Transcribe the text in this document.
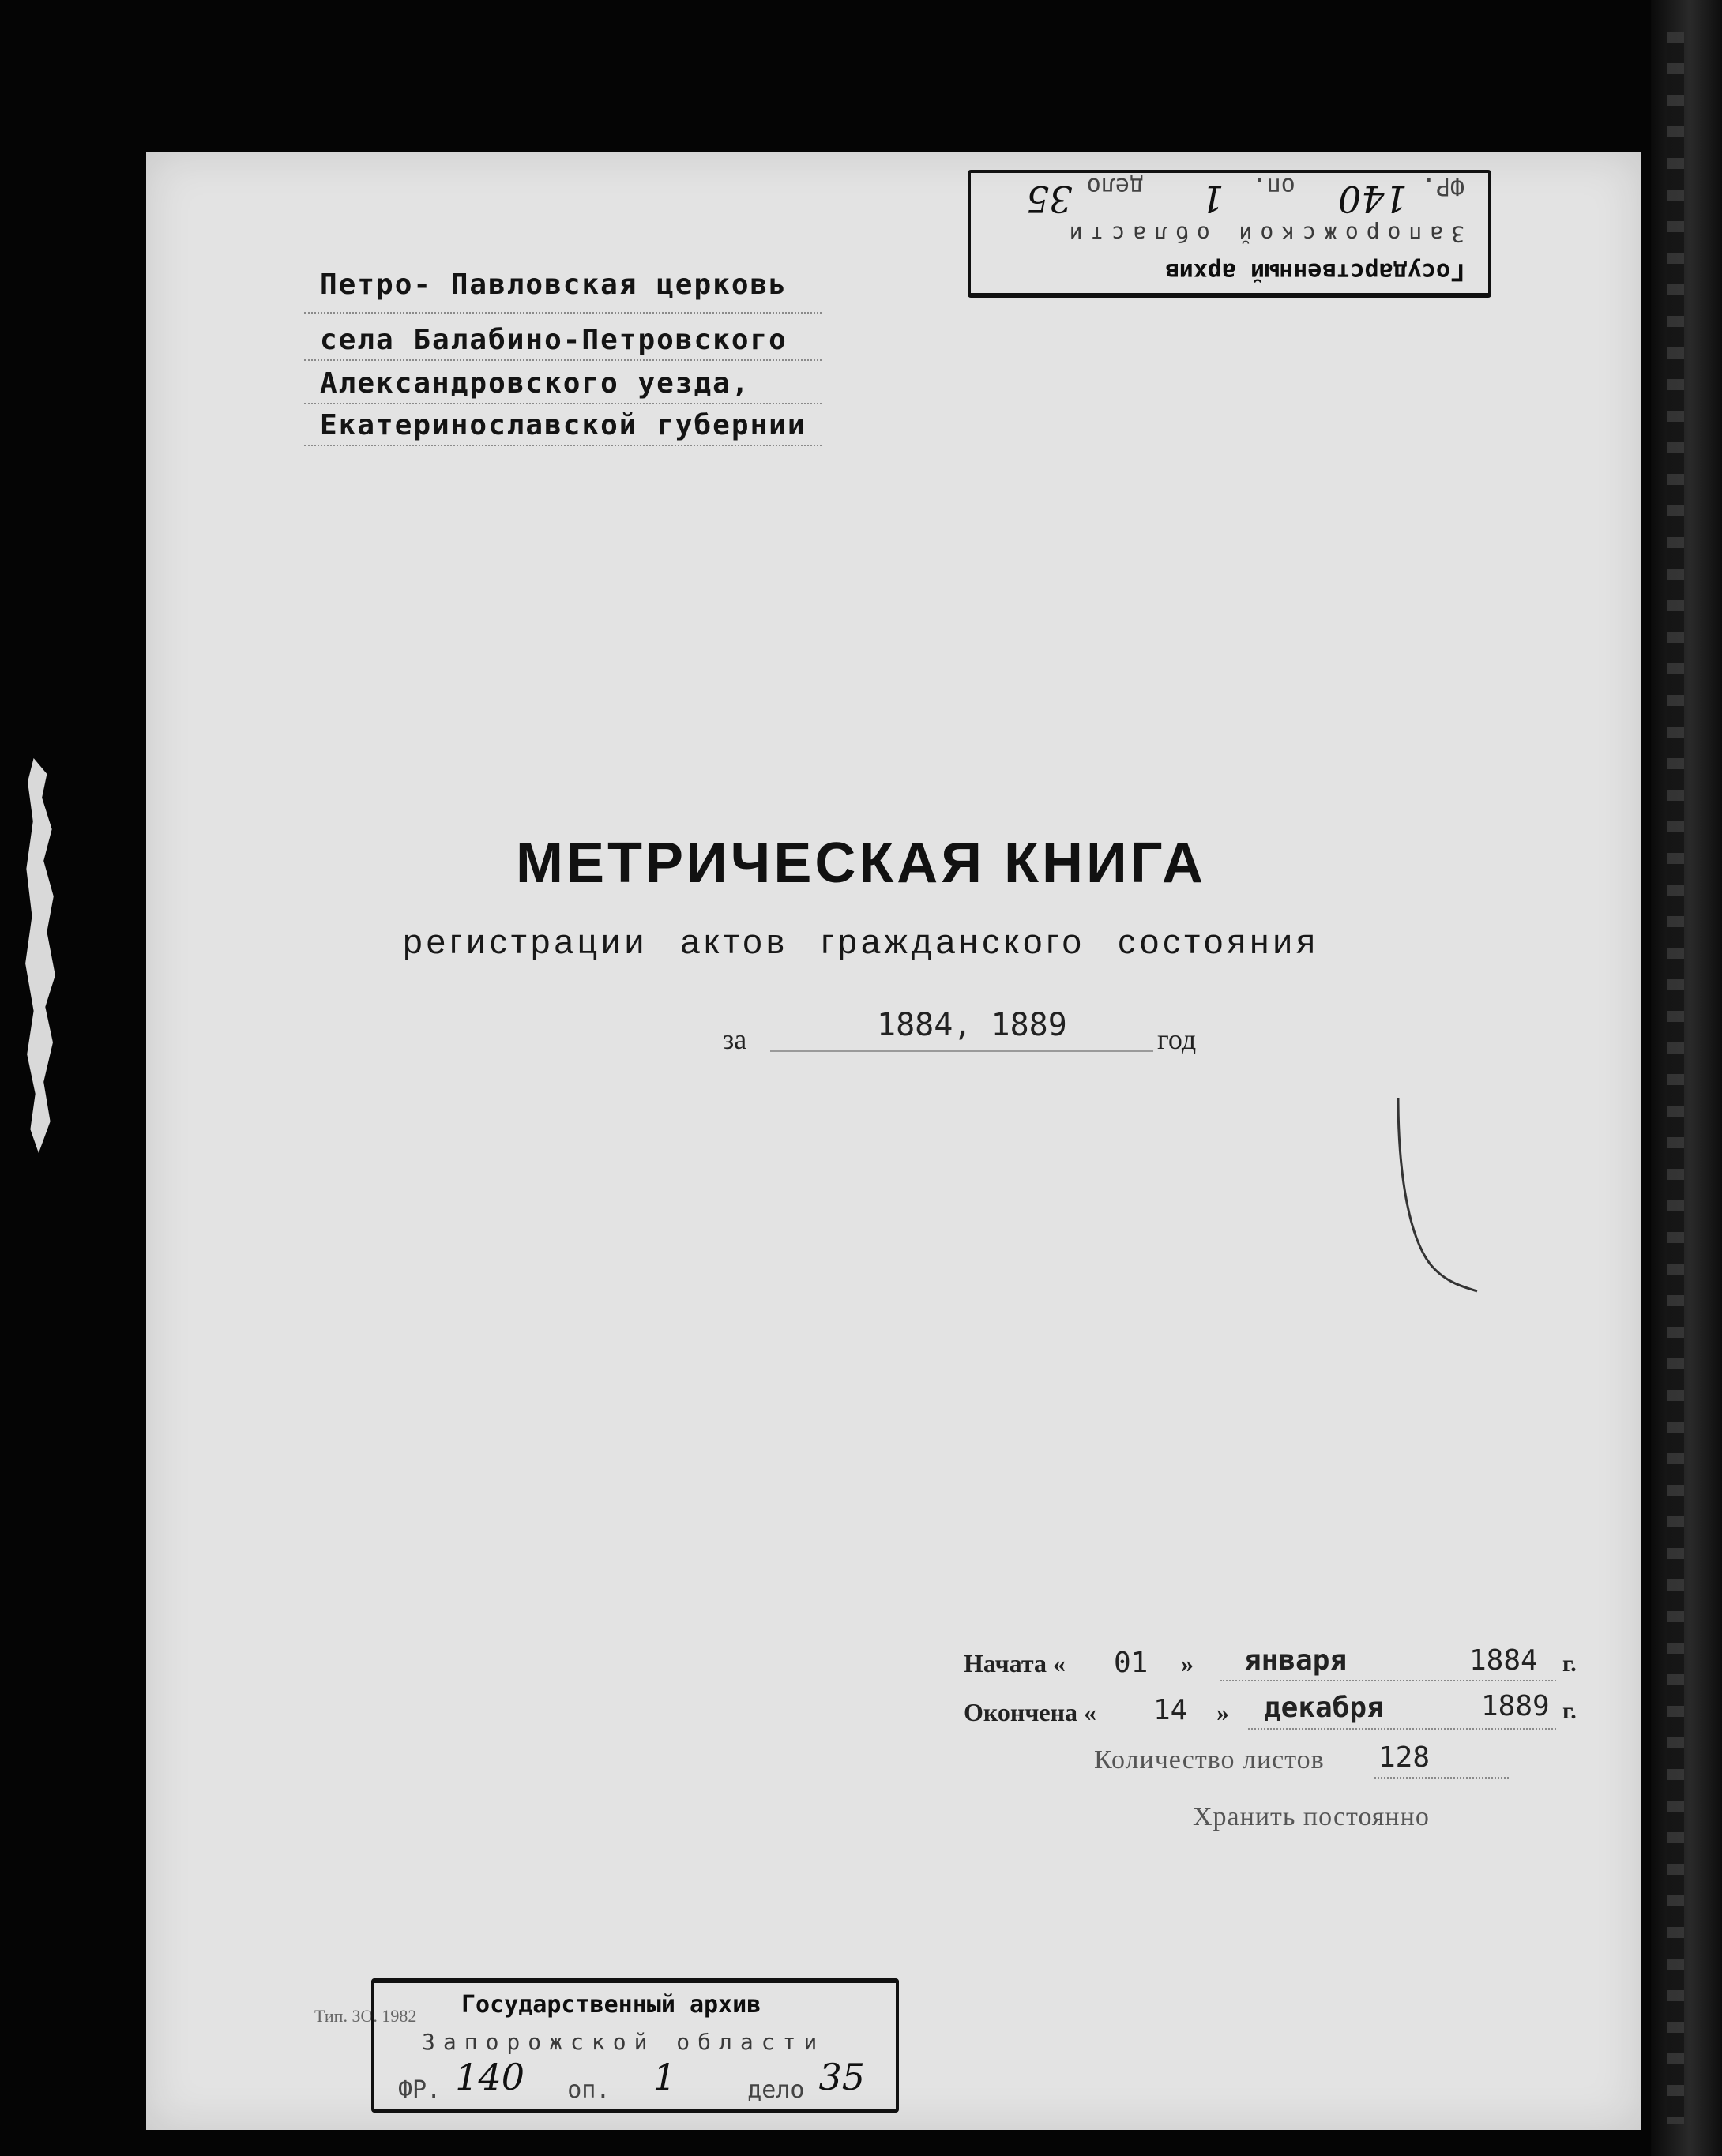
Государственный архив
Запорожской области
ФР. 140   оп.  1    дело 35
Петро- Павловская церковь
села Балабино-Петровского
Александровского уезда,
Екатеринославской губернии
МЕТРИЧЕСКАЯ КНИГА
регистрации актов гражданского состояния
за	1884, 1889	год
Начата « 01 » января	1884 г.
Окончена « 14 » декабря	1889 г.
Количество листов 128
Хранить постоянно
Тип. ЗО. 1982 Государственный архив
Запорожской области
ФР. 140 оп. 1	дело 35
